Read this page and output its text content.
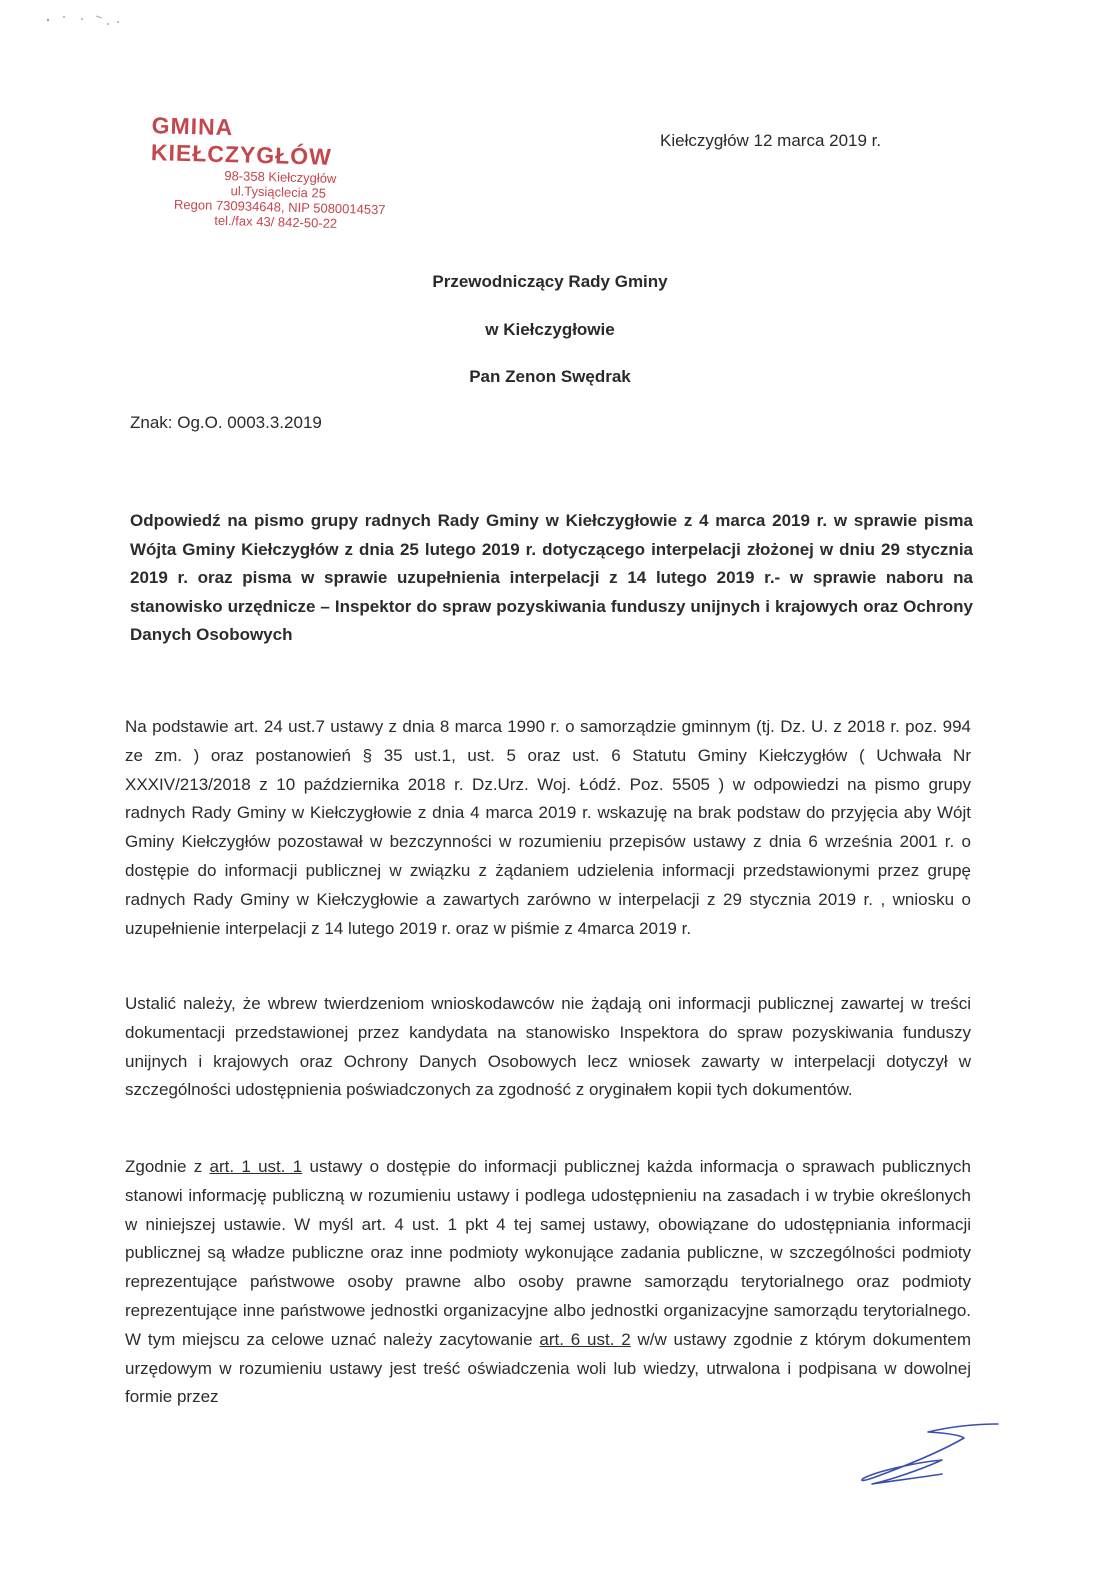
GMINA KIEŁCZYGŁÓW
98-358 Kiełczygłów
ul.Tysiąclecia 25
Regon 730934648, NIP 5080014537
tel./fax 43/ 842-50-22
Kiełczygłów 12 marca 2019 r.
Przewodniczący Rady Gminy
w Kiełczygłowie
Pan Zenon Swędrak
Znak: Og.O. 0003.3.2019
Odpowiedź na pismo grupy radnych Rady Gminy w Kiełczygłowie z 4 marca 2019 r. w sprawie pisma Wójta Gminy Kiełczygłów z dnia 25 lutego 2019 r. dotyczącego interpelacji złożonej w dniu 29 stycznia 2019 r. oraz pisma w sprawie uzupełnienia interpelacji z 14 lutego 2019 r.- w sprawie naboru na stanowisko urzędnicze – Inspektor do spraw pozyskiwania funduszy unijnych i krajowych oraz Ochrony Danych Osobowych
Na podstawie art. 24 ust.7 ustawy z dnia 8 marca 1990 r. o samorządzie gminnym (tj. Dz. U. z 2018 r. poz. 994 ze zm. ) oraz postanowień § 35 ust.1, ust. 5 oraz ust. 6 Statutu Gminy Kiełczygłów ( Uchwała Nr XXXIV/213/2018 z 10 października 2018 r. Dz.Urz. Woj. Łódź. Poz. 5505 ) w odpowiedzi na pismo grupy radnych Rady Gminy w Kiełczygłowie z dnia 4 marca 2019 r. wskazuję na brak podstaw do przyjęcia aby Wójt Gminy Kiełczygłów pozostawał w bezczynności w rozumieniu przepisów ustawy z dnia 6 września 2001 r. o dostępie do informacji publicznej w związku z żądaniem udzielenia informacji przedstawionymi przez grupę radnych Rady Gminy w Kiełczygłowie a zawartych zarówno w interpelacji z 29 stycznia 2019 r. , wniosku o uzupełnienie interpelacji z 14 lutego 2019 r. oraz w piśmie z 4marca 2019 r.
Ustalić należy, że wbrew twierdzeniom wnioskodawców nie żądają oni informacji publicznej zawartej w treści dokumentacji przedstawionej przez kandydata na stanowisko Inspektora do spraw pozyskiwania funduszy unijnych i krajowych oraz Ochrony Danych Osobowych lecz wniosek zawarty w interpelacji dotyczył w szczególności udostępnienia poświadczonych za zgodność z oryginałem kopii tych dokumentów.
Zgodnie z art. 1 ust. 1 ustawy o dostępie do informacji publicznej każda informacja o sprawach publicznych stanowi informację publiczną w rozumieniu ustawy i podlega udostępnieniu na zasadach i w trybie określonych w niniejszej ustawie. W myśl art. 4 ust. 1 pkt 4 tej samej ustawy, obowiązane do udostępniania informacji publicznej są władze publiczne oraz inne podmioty wykonujące zadania publiczne, w szczególności podmioty reprezentujące państwowe osoby prawne albo osoby prawne samorządu terytorialnego oraz podmioty reprezentujące inne państwowe jednostki organizacyjne albo jednostki organizacyjne samorządu terytorialnego. W tym miejscu za celowe uznać należy zacytowanie art. 6 ust. 2 w/w ustawy zgodnie z którym dokumentem urzędowym w rozumieniu ustawy jest treść oświadczenia woli lub wiedzy, utrwalona i podpisana w dowolnej formie przez
